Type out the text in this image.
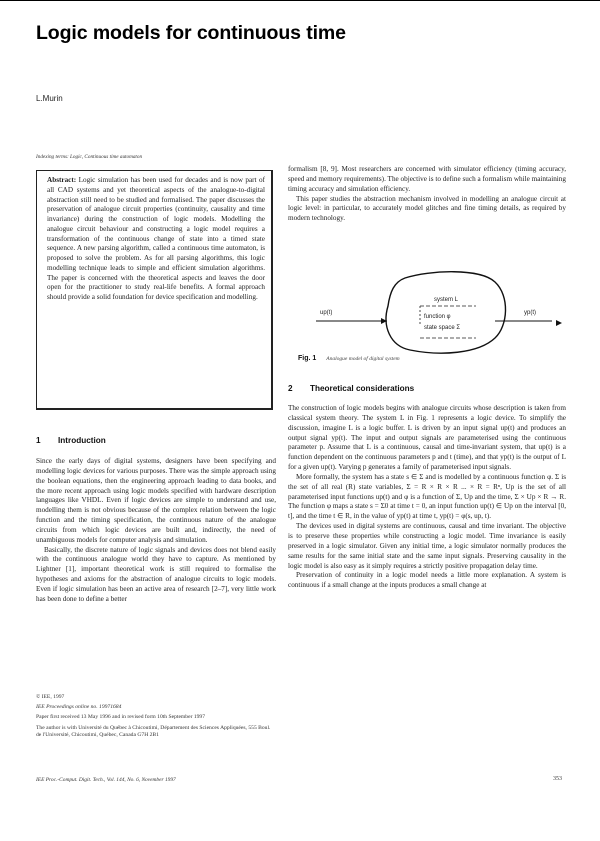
Logic models for continuous time
L.Murin
Indexing terms: Logic, Continuous time automaton
Abstract: Logic simulation has been used for decades and is now part of all CAD systems and yet theoretical aspects of the analogue-to-digital abstraction still need to be studied and formalised. The paper discusses the preservation of analogue circuit properties (continuity, causality and time invariance) during the construction of logic models. Modelling the analogue circuit behaviour and constructing a logic model requires a transformation of the continuous change of state into a timed state sequence. A new parsing algorithm, called a continuous time automaton, is proposed to solve the problem. As for all parsing algorithms, this logic modelling technique leads to simple and efficient simulation algorithms. The paper is concerned with the theoretical aspects and leaves the door open for the practitioner to study real-life benefits. A formal approach should provide a solid foundation for device specification and modelling.
1 Introduction

Since the early days of digital systems, designers have been specifying and modelling logic devices for various purposes. There was the simple approach using the boolean equations, then the engineering approach leading to data books, and the more recent approach using logic models specified with hardware description languages like VHDL. Even if logic devices are simple to understand and use, modelling them is not obvious because of the complex relation between the logic function and the timing specification, the continuous nature of the analogue circuits from which logic devices are built and, indirectly, the need of unambiguous models for computer analysis and simulation.

Basically, the discrete nature of logic signals and devices does not blend easily with the continuous analogue world they have to capture. As mentioned by Lightner [1], important theoretical work is still required to formalise the hypotheses and axioms for the abstraction of analogue circuits to logic models. Even if logic simulation has been an active area of research [2–7], very little work has been done to define a better

© IEE, 1997
IEE Proceedings online no. 19971684
Paper first received 13 May 1996 and in revised form 10th September 1997
The author is with Université du Québec à Chicoutimi, Département des Sciences Appliquées, 555 Boul. de l'Université, Chicoutimi, Québec, Canada G7H 2B1

formalism [8, 9]. Most researchers are concerned with simulator efficiency (timing accuracy, speed and memory requirements). The objective is to define such a formalism while maintaining timing accuracy and simulation efficiency.

This paper studies the abstraction mechanism involved in modelling an analogue circuit at logic level: in particular, to accurately model glitches and fine timing details, as required by modern technology.

system L
function φ
state space Σ
up(t)	yp(t)
Fig. 1 Analogue model of digital system
2 Theoretical considerations

The construction of logic models begins with analogue circuits whose description is taken from classical system theory. The system L in Fig. 1 represents a logic device. To simplify the discussion, imagine L is a logic buffer. L is driven by an input signal up(t) and produces an output signal yp(t). The input and output signals are parameterised using the continuous parameter p. Assume that L is a continuous, causal and time-invariant system, that up(t) is a function dependent on the continuous parameters p and t (time), and that yp(t) is the output of L for a given up(t). Varying p generates a family of parameterised input signals.

More formally, the system has a state s ∈ Σ and is modelled by a continuous function φ. Σ is the set of all real (R) state variables, Σ = R × R × R ... × R = Rⁿ, Up is the set of all parameterised input functions up(t) and φ is a function of Σ, Up and the time, Σ × Up × R → R. The function φ maps a state s = Σ0 at time t = 0, an input function up(t) ∈ Up on the interval [0, t], and the time t ∈ R, in the value of yp(t) at time t, yp(t) = φ(s, up, t).

The devices used in digital systems are continuous, causal and time invariant. The objective is to preserve these properties while constructing a logic model. Time invariance is easily preserved in a logic simulator. Given any initial time, a logic simulator normally produces the same results for the same initial state and the same input signals. Preserving causality in the logic model is also easy as it simply requires a strictly positive propagation delay time.

Preservation of continuity in a logic model needs a little more explanation. A system is continuous if a small change at the inputs produces a small change at

IEE Proc.-Comput. Digit. Tech., Vol. 144, No. 6, November 1997	353
